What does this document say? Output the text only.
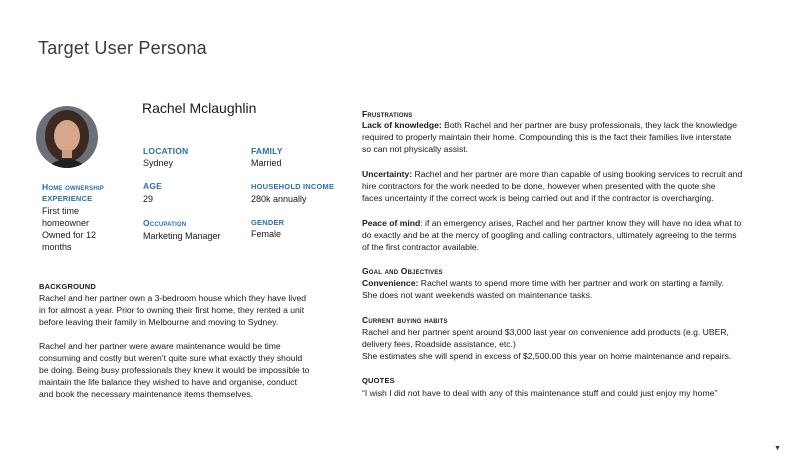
Target User Persona
Rachel Mclaughlin
LOCATION
Sydney
FAMILY
Married
AGE
29
HOUSEHOLD INCOME
280k annually
Occupation
Marketing Manager
GENDER
Female
Home ownership
EXPERIENCE
First time
homeowner
Owned for 12
months
BACKGROUND
Rachel and her partner own a 3-bedroom house which they have lived
in for almost a year. Prior to owning their first home, they rented a unit
before leaving their family in Melbourne and moving to Sydney.
Rachel and her partner were aware maintenance would be time
consuming and costly but weren’t quite sure what exactly they should
be doing. Being busy professionals they knew it would be impossible to
maintain the life balance they wished to have and organise, conduct
and book the necessary maintenance items themselves.
Frustrations
Lack of knowledge: Both Rachel and her partner are busy professionals, they lack the knowledge
required to properly maintain their home. Compounding this is the fact their families live interstate
so can not physically assist.
Uncertainty: Rachel and her partner are more than capable of using booking services to recruit and
hire contractors for the work needed to be done, however when presented with the quote she
faces uncertainty if the correct work is being carried out and if the contractor is overcharging.
Peace of mind: if an emergency arises, Rachel and her partner know they will have no idea what to
do exactly and be at the mercy of googling and calling contractors, ultimately agreeing to the terms
of the first contractor available.
Goal and Objectives
Convenience: Rachel wants to spend more time with her partner and work on starting a family.
She does not want weekends wasted on maintenance tasks.
Current buying habits
Rachel and her partner spent around $3,000 last year on convenience add products (e.g. UBER,
delivery fees, Roadside assistance, etc.)
She estimates she will spend in excess of $2,500.00 this year on home maintenance and repairs.
QUOTES
“I wish I did not have to deal with any of this maintenance stuff and could just enjoy my home”
▼
